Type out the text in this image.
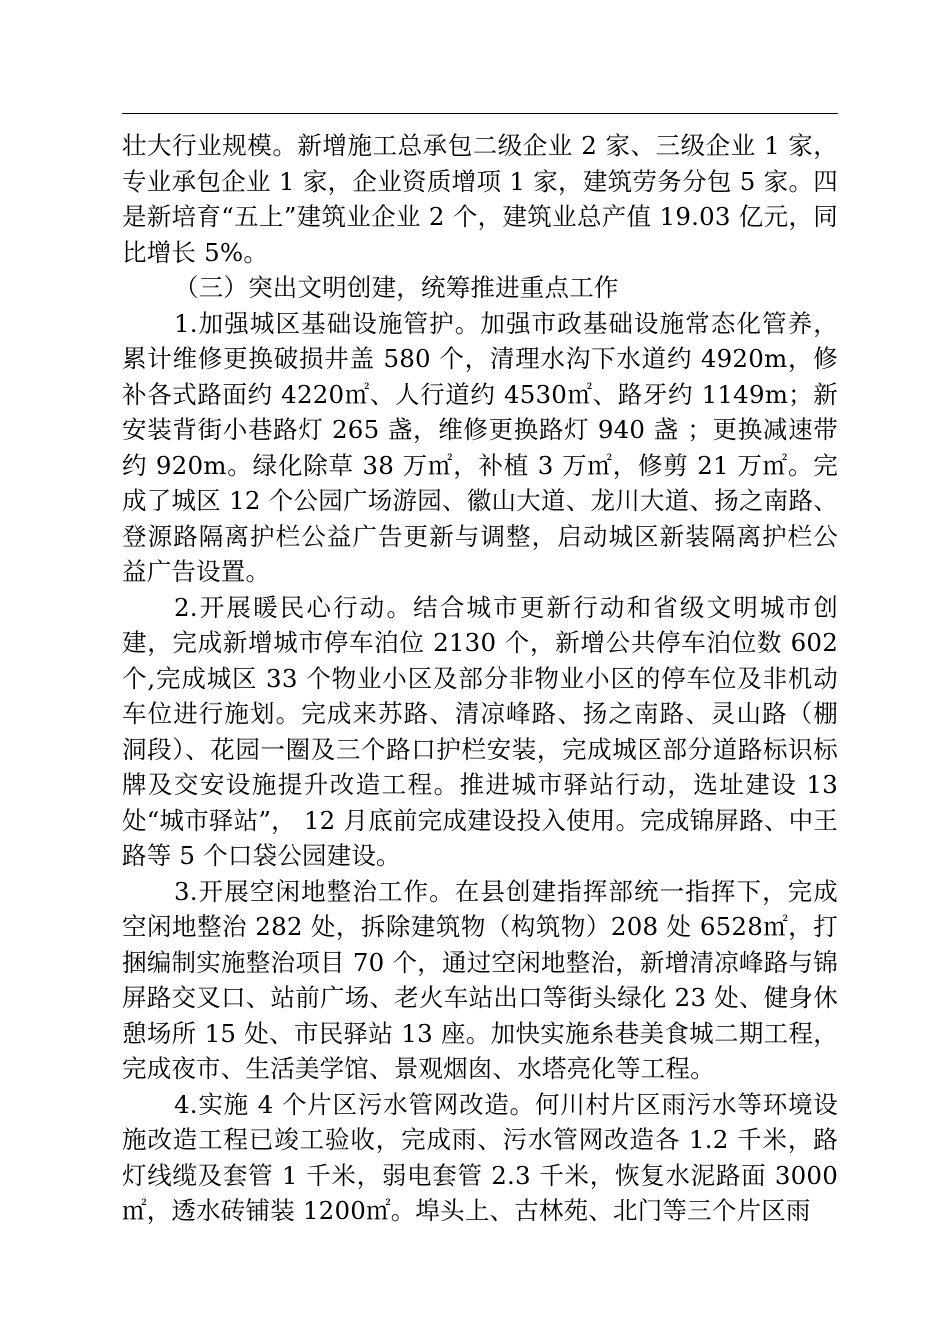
壮大行业规模。新增施工总承包二级企业 2 家、三级企业 1 家，专业承包企业 1 家，企业资质增项 1 家，建筑劳务分包 5 家。四是新培育“五上”建筑业企业 2 个，建筑业总产值 19.03 亿元，同比增长 5%。

（三）突出文明创建，统筹推进重点工作

1.加强城区基础设施管护。加强市政基础设施常态化管养，累计维修更换破损井盖 580 个，清理水沟下水道约 4920m，修补各式路面约 4220㎡、人行道约 4530㎡、路牙约 1149m；新安装背街小巷路灯 265 盏，维修更换路灯 940 盏 ；更换减速带约 920m。绿化除草 38 万㎡，补植 3 万㎡，修剪 21 万㎡。完成了城区 12 个公园广场游园、徽山大道、龙川大道、扬之南路、登源路隔离护栏公益广告更新与调整，启动城区新装隔离护栏公益广告设置。

2.开展暖民心行动。结合城市更新行动和省级文明城市创建，完成新增城市停车泊位 2130 个，新增公共停车泊位数 602 个,完成城区 33 个物业小区及部分非物业小区的停车位及非机动车位进行施划。完成来苏路、清凉峰路、扬之南路、灵山路（棚洞段）、花园一圈及三个路口护栏安装，完成城区部分道路标识标牌及交安设施提升改造工程。推进城市驿站行动，选址建设 13 处“城市驿站”， 12 月底前完成建设投入使用。完成锦屏路、中王路等 5 个口袋公园建设。

3.开展空闲地整治工作。在县创建指挥部统一指挥下，完成空闲地整治 282 处，拆除建筑物（构筑物）208 处 6528㎡，打捆编制实施整治项目 70 个，通过空闲地整治，新增清凉峰路与锦屏路交叉口、站前广场、老火车站出口等街头绿化 23 处、健身休憩场所 15 处、市民驿站 13 座。加快实施糸巷美食城二期工程，完成夜市、生活美学馆、景观烟囱、水塔亮化等工程。

4.实施 4 个片区污水管网改造。何川村片区雨污水等环境设施改造工程已竣工验收，完成雨、污水管网改造各 1.2 千米，路灯线缆及套管 1 千米，弱电套管 2.3 千米，恢复水泥路面 3000㎡，透水砖铺装 1200㎡。埠头上、古林苑、北门等三个片区雨
